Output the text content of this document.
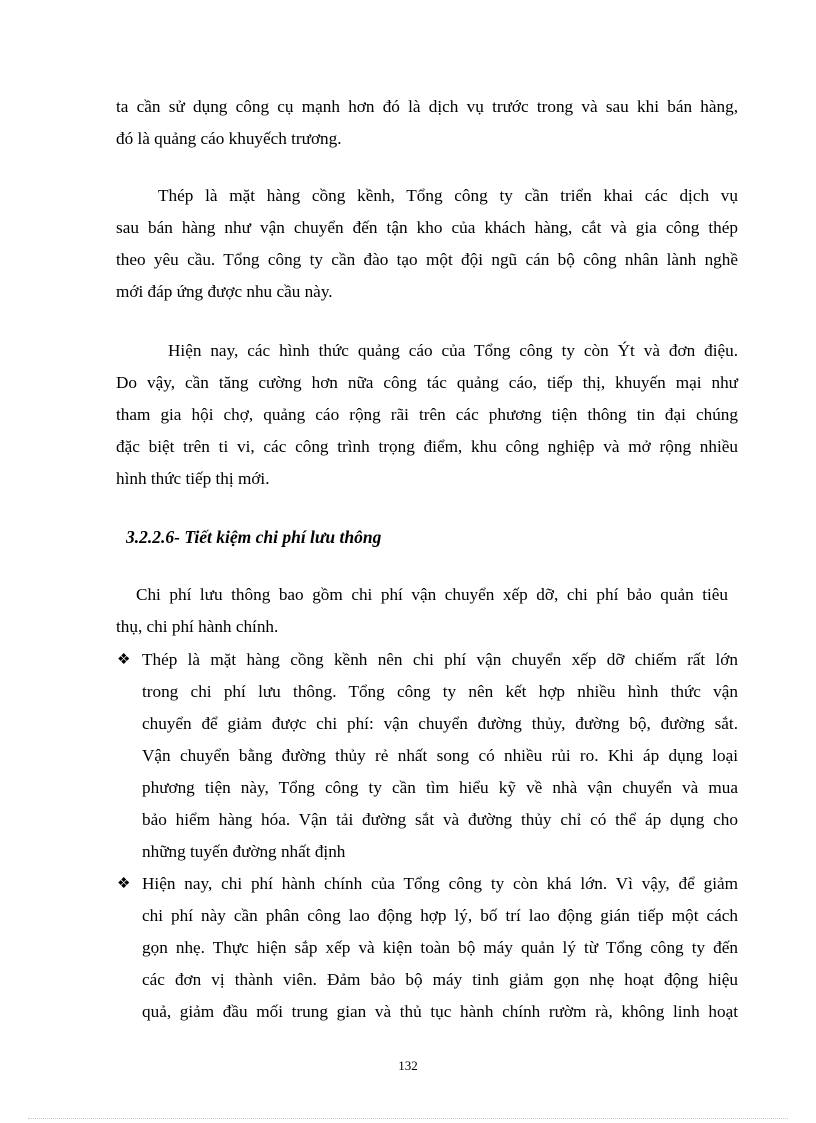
ta cần sử dụng công cụ mạnh hơn đó là dịch vụ trước trong và sau khi bán hàng,
đó là quảng cáo khuyếch trương.
Thép là mặt hàng cồng kềnh, Tổng công ty cần triển khai các dịch vụ
sau bán hàng như vận chuyển đến tận kho của khách hàng, cắt và gia công thép
theo yêu cầu. Tổng công ty cần đào tạo một đội ngũ cán bộ công nhân lành nghề
mới đáp ứng được nhu cầu này.
Hiện nay, các hình thức quảng cáo của Tổng công ty còn Ýt và đơn điệu.
Do vậy, cần tăng cường hơn nữa công tác quảng cáo, tiếp thị, khuyến mại như
tham gia hội chợ, quảng cáo rộng rãi trên các phương tiện thông tin đại chúng
đặc biệt trên ti vi, các công trình trọng điểm, khu công nghiệp và mở rộng nhiều
hình thức tiếp thị mới.
3.2.2.6- Tiết kiệm chi phí lưu thông
Chi phí lưu thông bao gồm chi phí vận chuyển xếp dỡ, chi phí bảo quản tiêu
thụ, chi phí hành chính.
❖ Thép là mặt hàng cồng kềnh nên chi phí vận chuyển xếp dỡ chiếm rất lớn
trong chi phí lưu thông. Tổng công ty nên kết hợp nhiều hình thức vận
chuyển để giảm được chi phí: vận chuyển đường thủy, đường bộ, đường sắt.
Vận chuyển bằng đường thủy rẻ nhất song có nhiều rủi ro. Khi áp dụng loại
phương tiện này, Tổng công ty cần tìm hiểu kỹ về nhà vận chuyển và mua
bảo hiểm hàng hóa. Vận tải đường sắt và đường thủy chỉ có thể áp dụng cho
những tuyến đường nhất định
❖ Hiện nay, chi phí hành chính của Tổng công ty còn khá lớn. Vì vậy, để giảm
chi phí này cần phân công lao động hợp lý, bố trí lao động gián tiếp một cách
gọn nhẹ. Thực hiện sắp xếp và kiện toàn bộ máy quản lý từ Tổng công ty đến
các đơn vị thành viên. Đảm bảo bộ máy tinh giảm gọn nhẹ hoạt động hiệu
quả, giảm đầu mối trung gian và thủ tục hành chính rườm rà, không linh hoạt
132
